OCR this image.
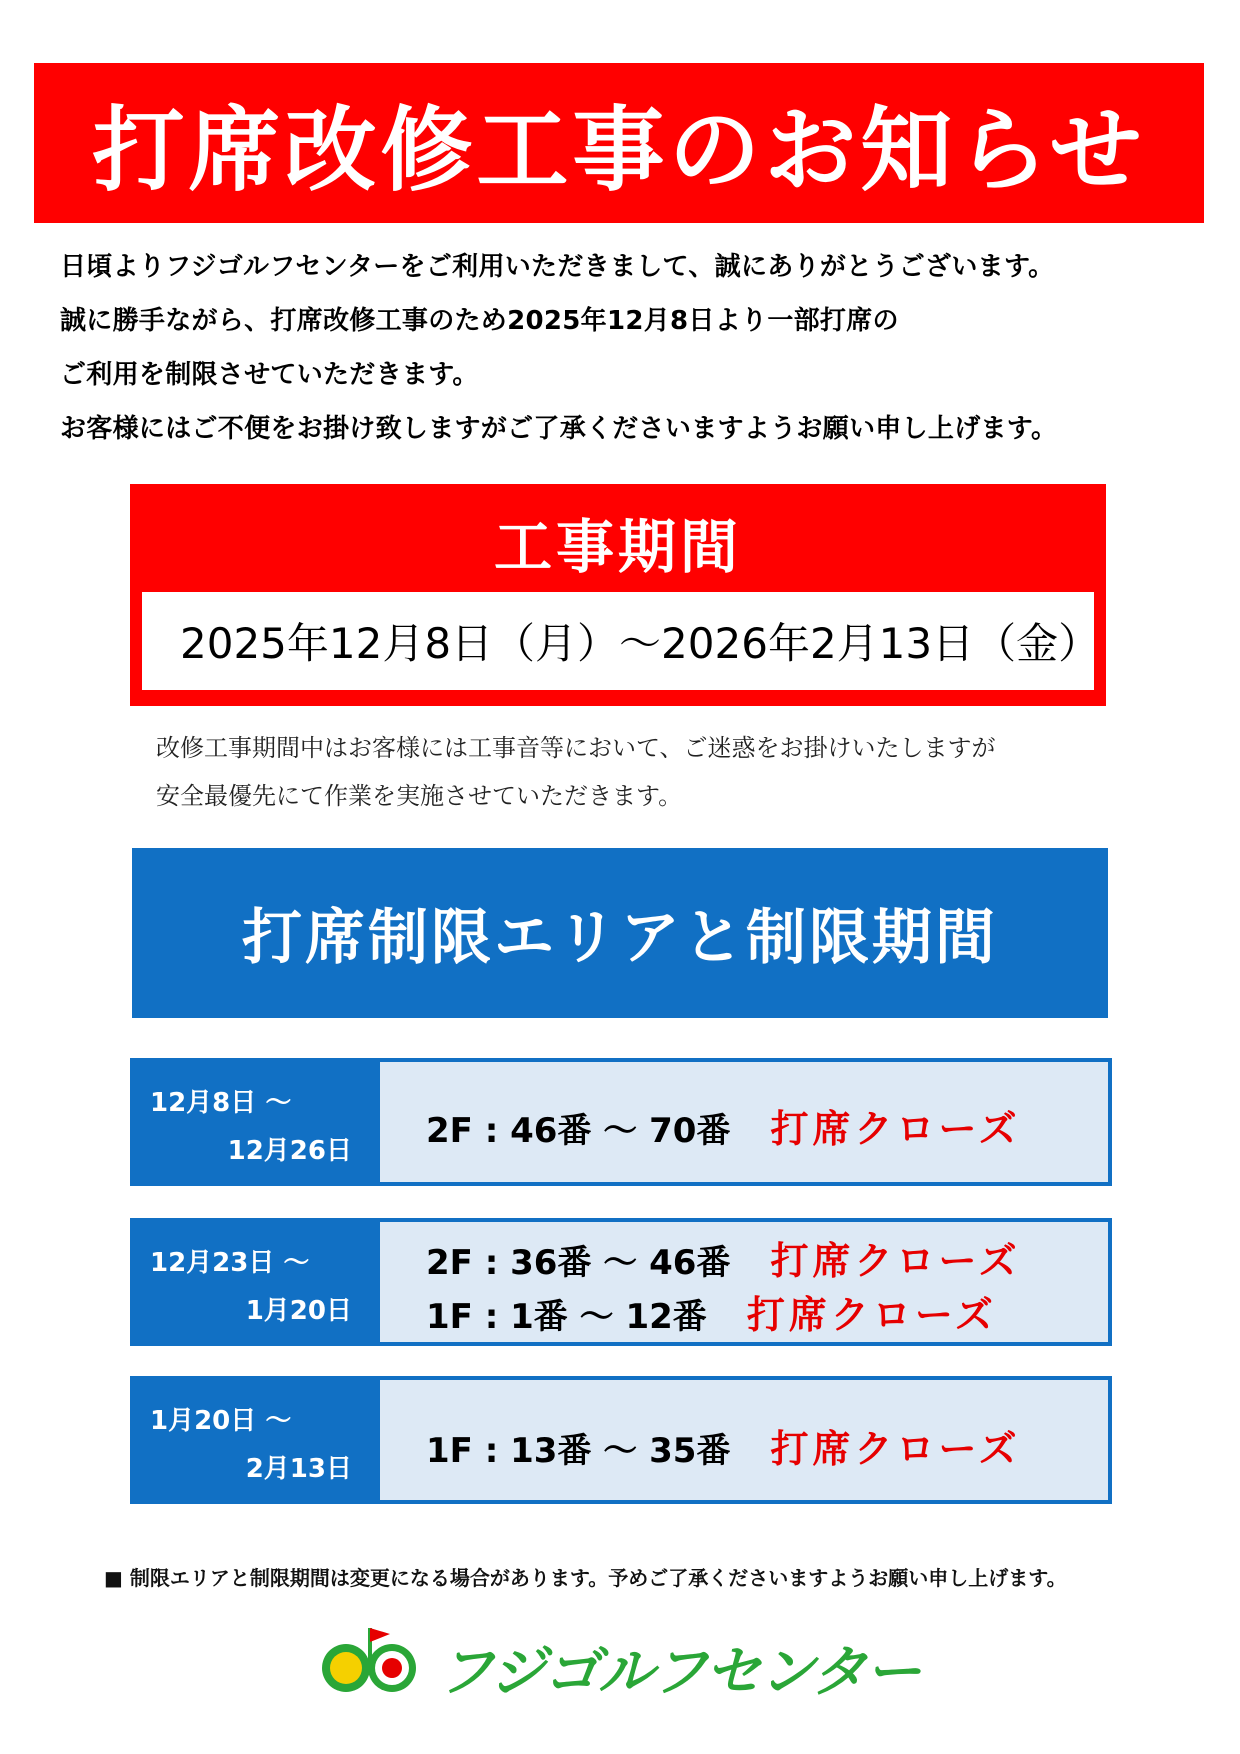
打席改修工事のお知らせ
日頃よりフジゴルフセンターをご利用いただきまして、誠にありがとうございます。
誠に勝手ながら、打席改修工事のため2025年12月8日より一部打席の
ご利用を制限させていただきます。
お客様にはご不便をお掛け致しますがご了承くださいますようお願い申し上げます。
工事期間
2025年12月8日（月）～2026年2月13日（金）
改修工事期間中はお客様には工事音等において、ご迷惑をお掛けいたしますが
安全最優先にて作業を実施させていただきます。
打席制限エリアと制限期間
12月8日 ～
12月26日 2F : 46番 ～ 70番 打席クローズ
12月23日 ～
1月20日
2F : 36番 ～ 46番 打席クローズ
1F : 1番 ～ 12番 打席クローズ
1月20日 ～
2月13日 1F : 13番 ～ 35番 打席クローズ
■ 制限エリアと制限期間は変更になる場合があります。予めご了承くださいますようお願い申し上げます。
フジゴルフセンター
